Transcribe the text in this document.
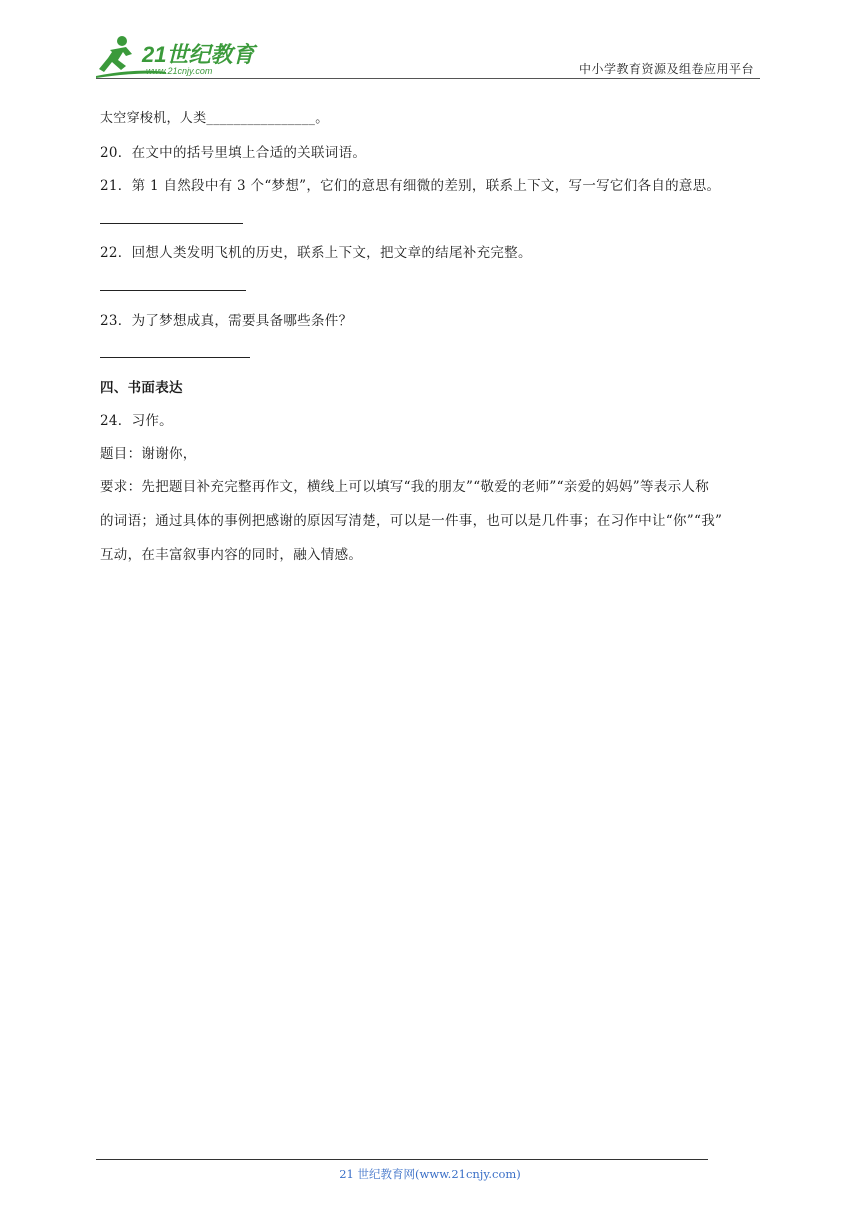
21世纪教育
www.21cnjy.com	中小学教育资源及组卷应用平台
太空穿梭机，人类________________。
20．在文中的括号里填上合适的关联词语。
21．第 1 自然段中有 3 个“梦想”，它们的意思有细微的差别，联系上下文，写一写它们各自的意思。
22．回想人类发明飞机的历史，联系上下文，把文章的结尾补充完整。
23．为了梦想成真，需要具备哪些条件？
四、书面表达
24．习作。
题目：谢谢你，
要求：先把题目补充完整再作文，横线上可以填写“我的朋友”“敬爱的老师”“亲爱的妈妈”等表示人称
的词语；通过具体的事例把感谢的原因写清楚，可以是一件事，也可以是几件事；在习作中让“你”“我”
互动，在丰富叙事内容的同时，融入情感。
21 世纪教育网(www.21cnjy.com)
